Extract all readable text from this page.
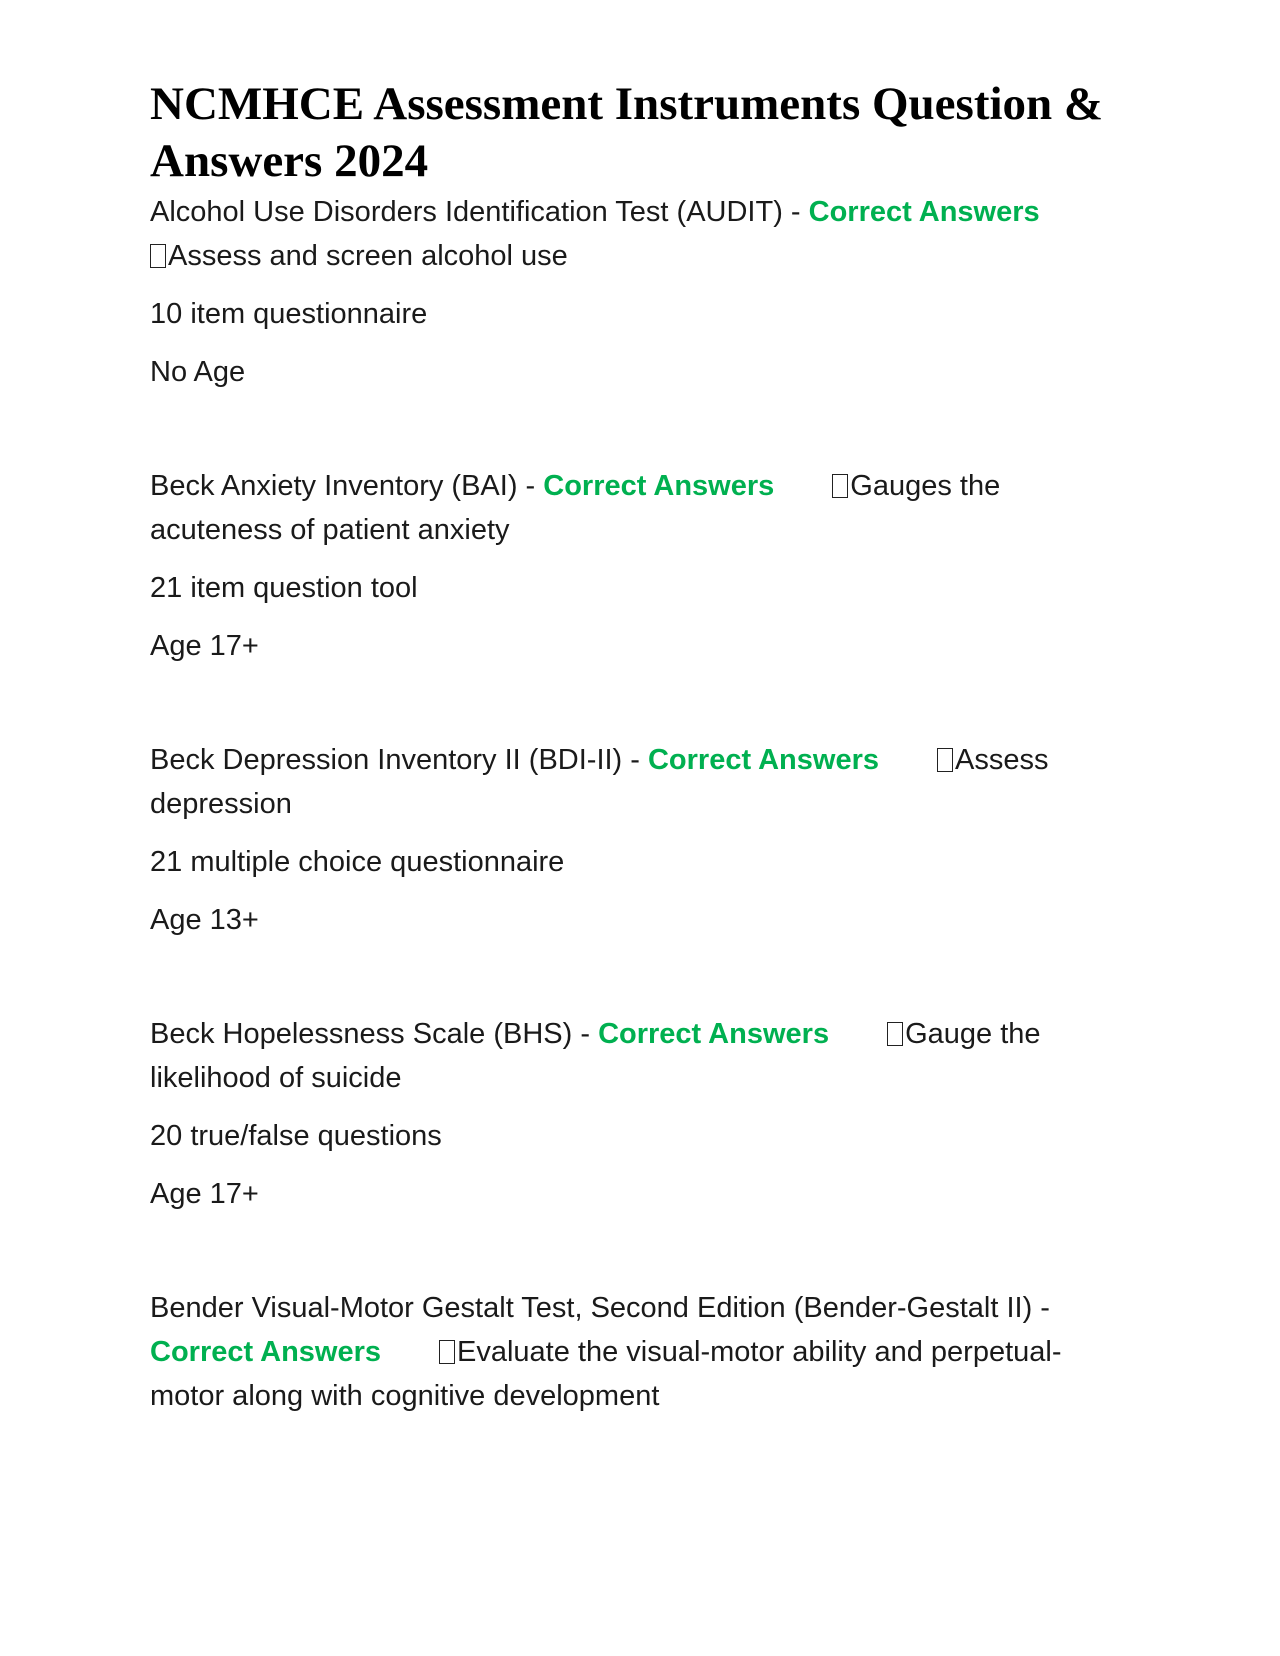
NCMHCE Assessment Instruments Question & Answers 2024

Alcohol Use Disorders Identification Test (AUDIT) - Correct Answers
Assess and screen alcohol use

10 item questionnaire

No Age

Beck Anxiety Inventory (BAI) - Correct Answers	Gauges the acuteness of patient anxiety

21 item question tool

Age 17+

Beck Depression Inventory II (BDI-II) - Correct Answers	Assess depression

21 multiple choice questionnaire

Age 13+

Beck Hopelessness Scale (BHS) - Correct Answers	Gauge the likelihood of suicide

20 true/false questions

Age 17+

Bender Visual-Motor Gestalt Test, Second Edition (Bender-Gestalt II) - Correct Answers	Evaluate the visual-motor ability and perpetual-motor along with cognitive development
